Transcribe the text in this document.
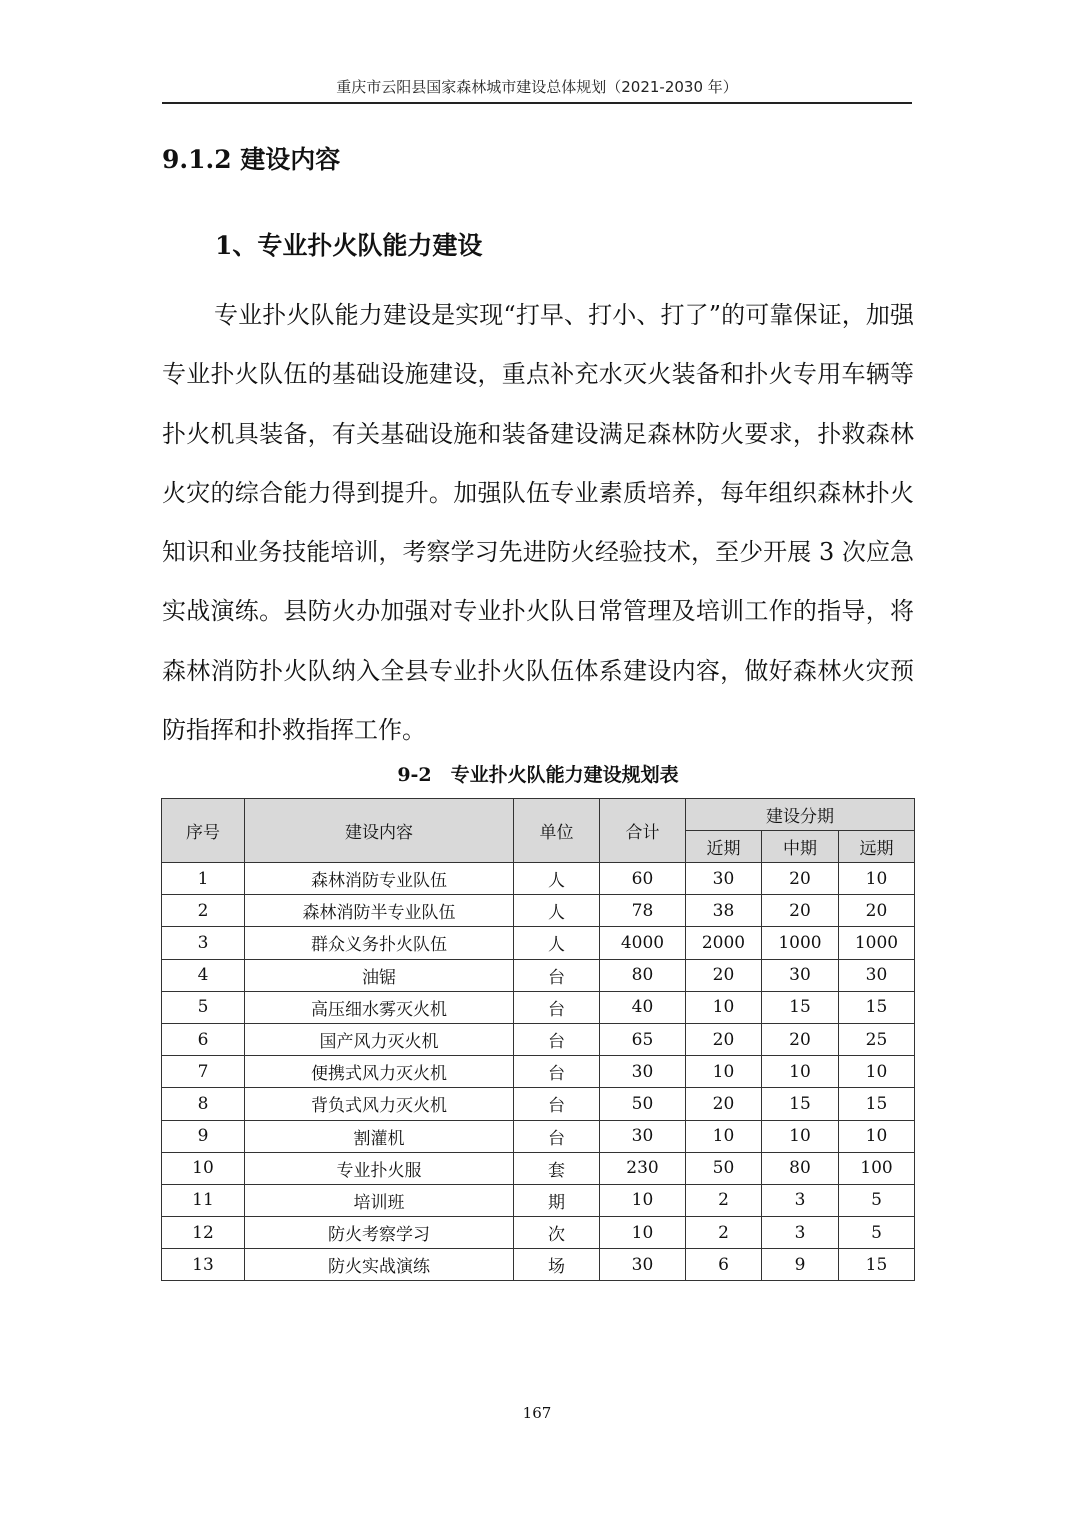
重庆市云阳县国家森林城市建设总体规划（2021-2030 年）
9.1.2 建设内容
1、专业扑火队能力建设

专业扑火队能力建设是实现“打早、打小、打了”的可靠保证，加强专业扑火队伍的基础设施建设，重点补充水灭火装备和扑火专用车辆等扑火机具装备，有关基础设施和装备建设满足森林防火要求，扑救森林火灾的综合能力得到提升。加强队伍专业素质培养，每年组织森林扑火知识和业务技能培训，考察学习先进防火经验技术，至少开展 3 次应急实战演练。县防火办加强对专业扑火队日常管理及培训工作的指导，将森林消防扑火队纳入全县专业扑火队伍体系建设内容，做好森林火灾预防指挥和扑救指挥工作。

9-2　专业扑火队能力建设规划表
序号	建设内容	单位	合计	建设分期		
				近期	中期	远期
1	森林消防专业队伍	人	60	30	20	10
2	森林消防半专业队伍	人	78	38	20	20
3	群众义务扑火队伍	人	4000	2000	1000	1000
4	油锯	台	80	20	30	30
5	高压细水雾灭火机	台	40	10	15	15
6	国产风力灭火机	台	65	20	20	25
7	便携式风力灭火机	台	30	10	10	10
8	背负式风力灭火机	台	50	20	15	15
9	割灌机	台	30	10	10	10
10	专业扑火服	套	230	50	80	100
11	培训班	期	10	2	3	5
12	防火考察学习	次	10	2	3	5
13	防火实战演练	场	30	6	9	15
167
